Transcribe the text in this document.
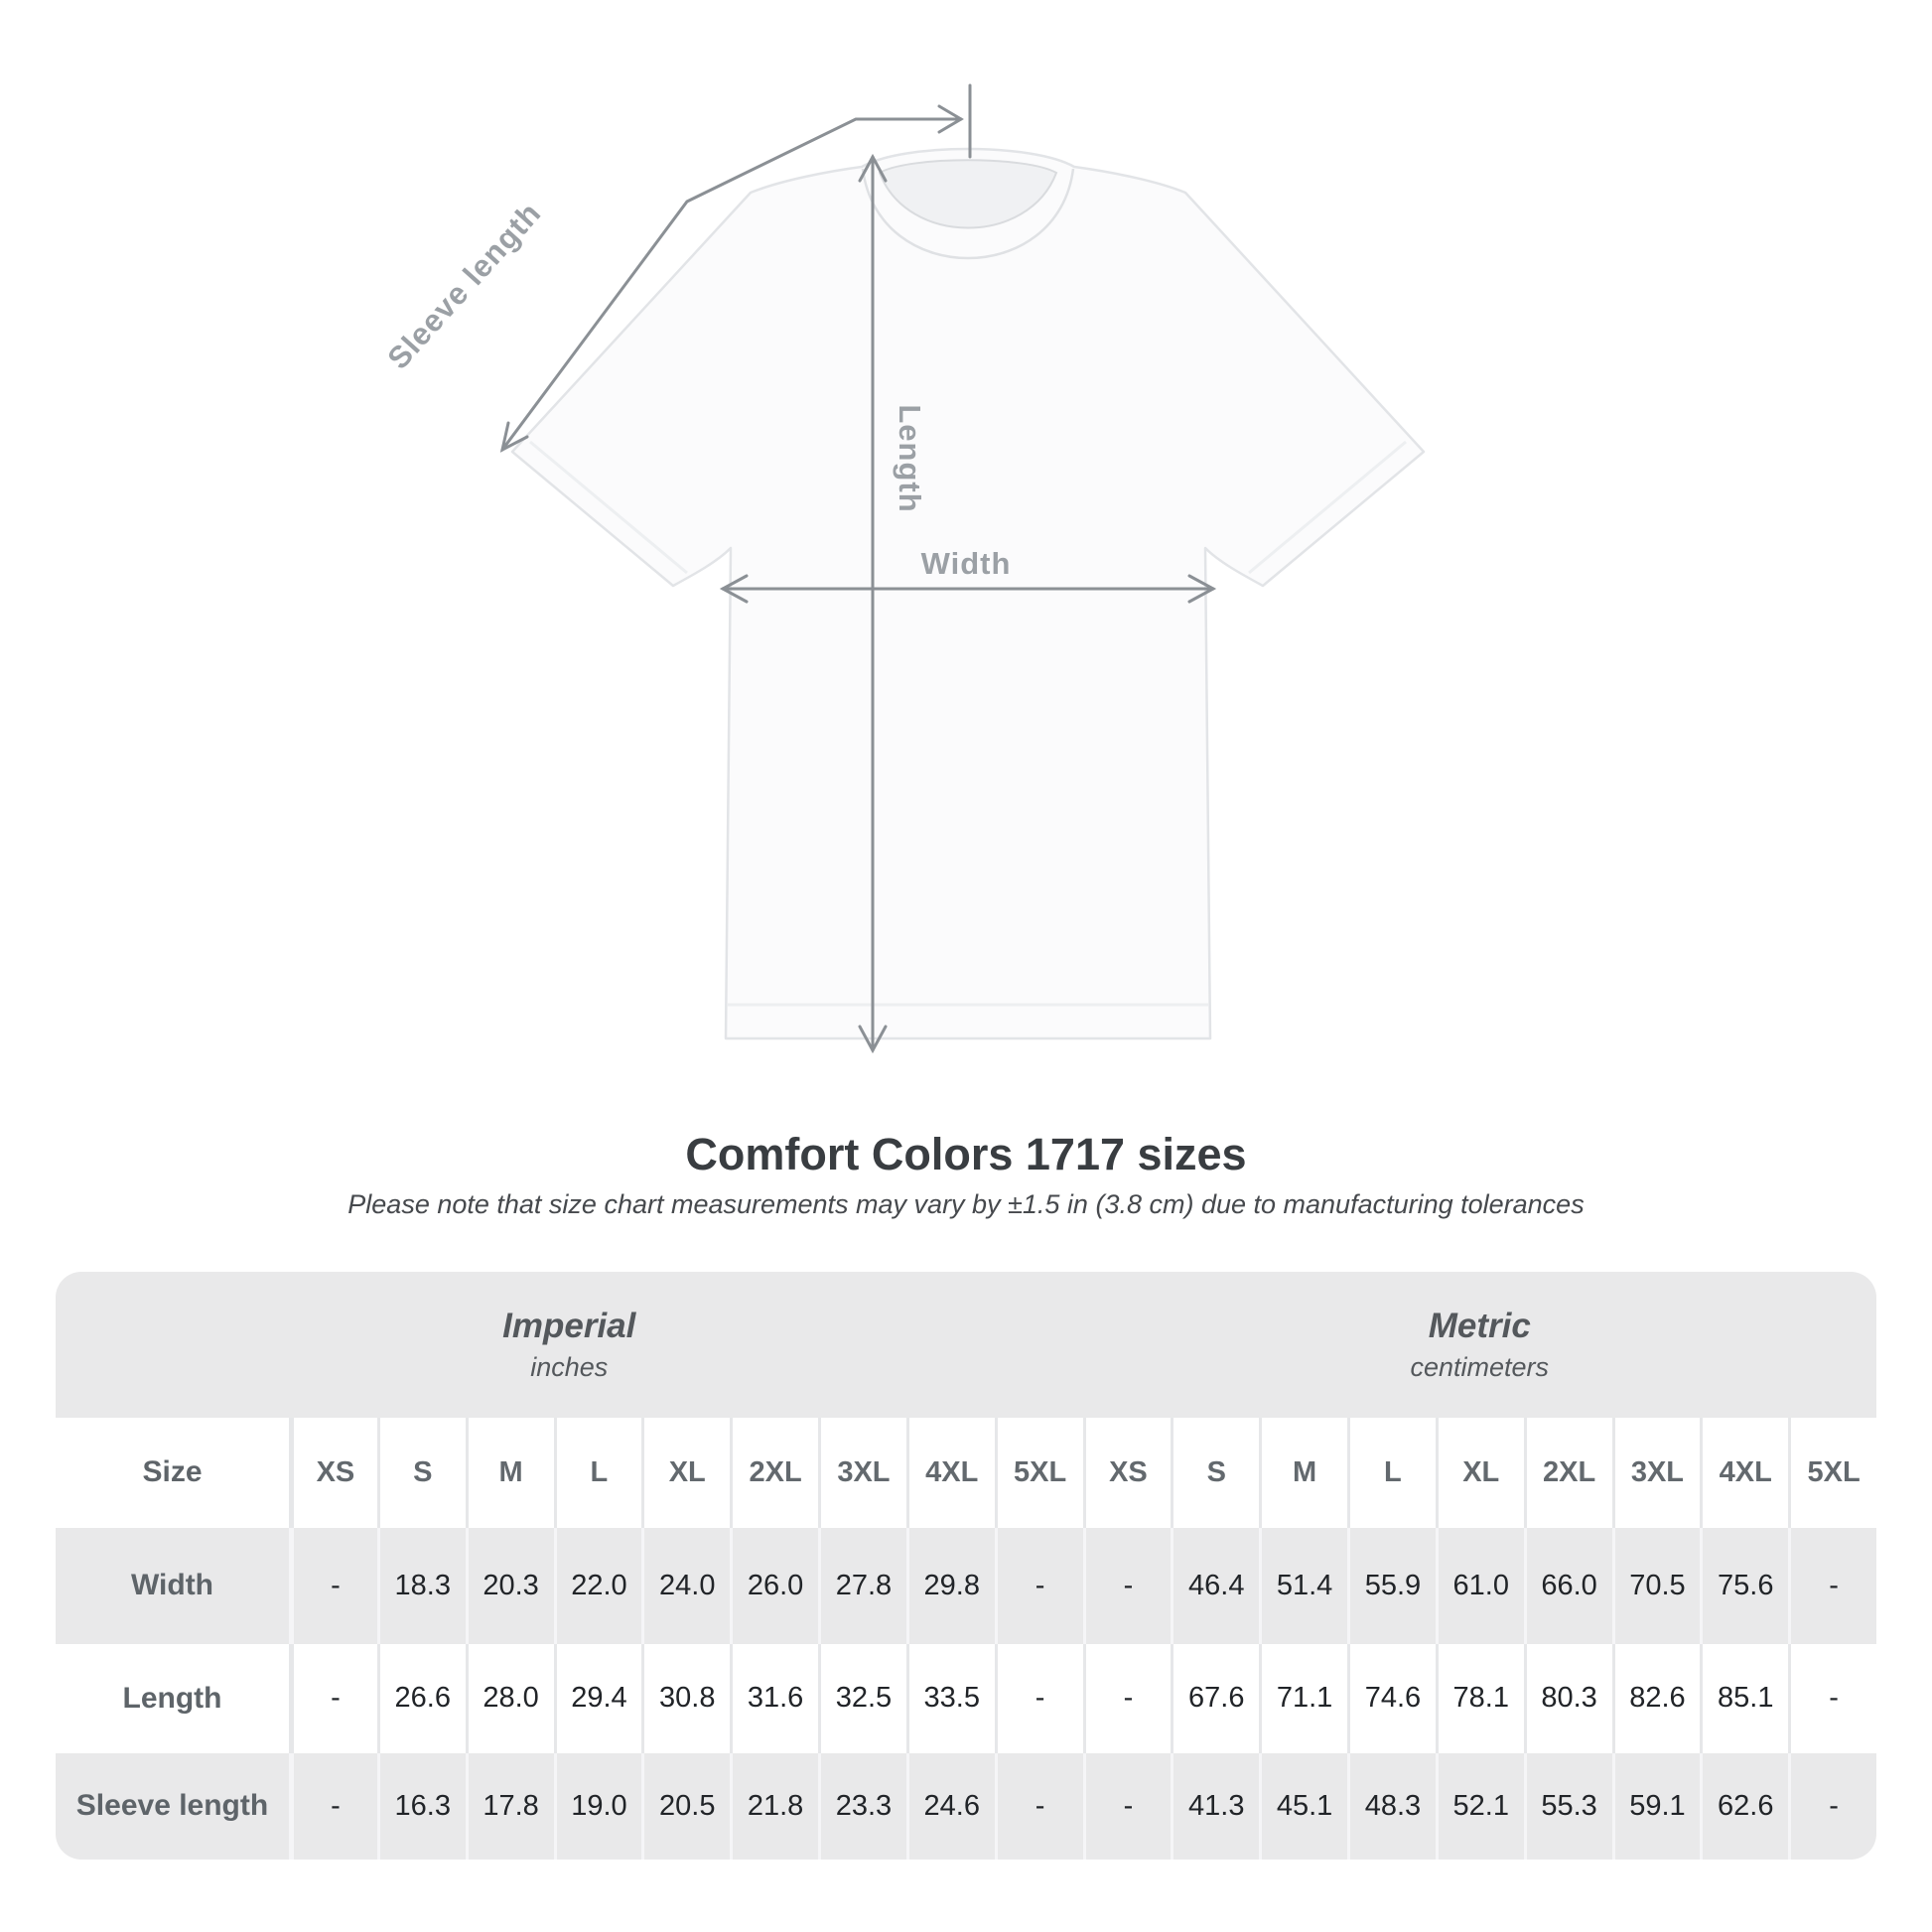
Sleeve length
Length
Width
Comfort Colors 1717 sizes

Please note that size chart measurements may vary by ±1.5 in (3.8 cm) due to manufacturing tolerances

Imperial
inches
Metric
centimeters
Size	XS	S	M	L	XL	2XL	3XL	4XL	5XL	XS	S	M	L	XL	2XL	3XL	4XL	5XL
Width	-	18.3	20.3	22.0	24.0	26.0	27.8	29.8	-	-	46.4	51.4	55.9	61.0	66.0	70.5	75.6	-
Length	-	26.6	28.0	29.4	30.8	31.6	32.5	33.5	-	-	67.6	71.1	74.6	78.1	80.3	82.6	85.1	-
Sleeve length	-	16.3	17.8	19.0	20.5	21.8	23.3	24.6	-	-	41.3	45.1	48.3	52.1	55.3	59.1	62.6	-
